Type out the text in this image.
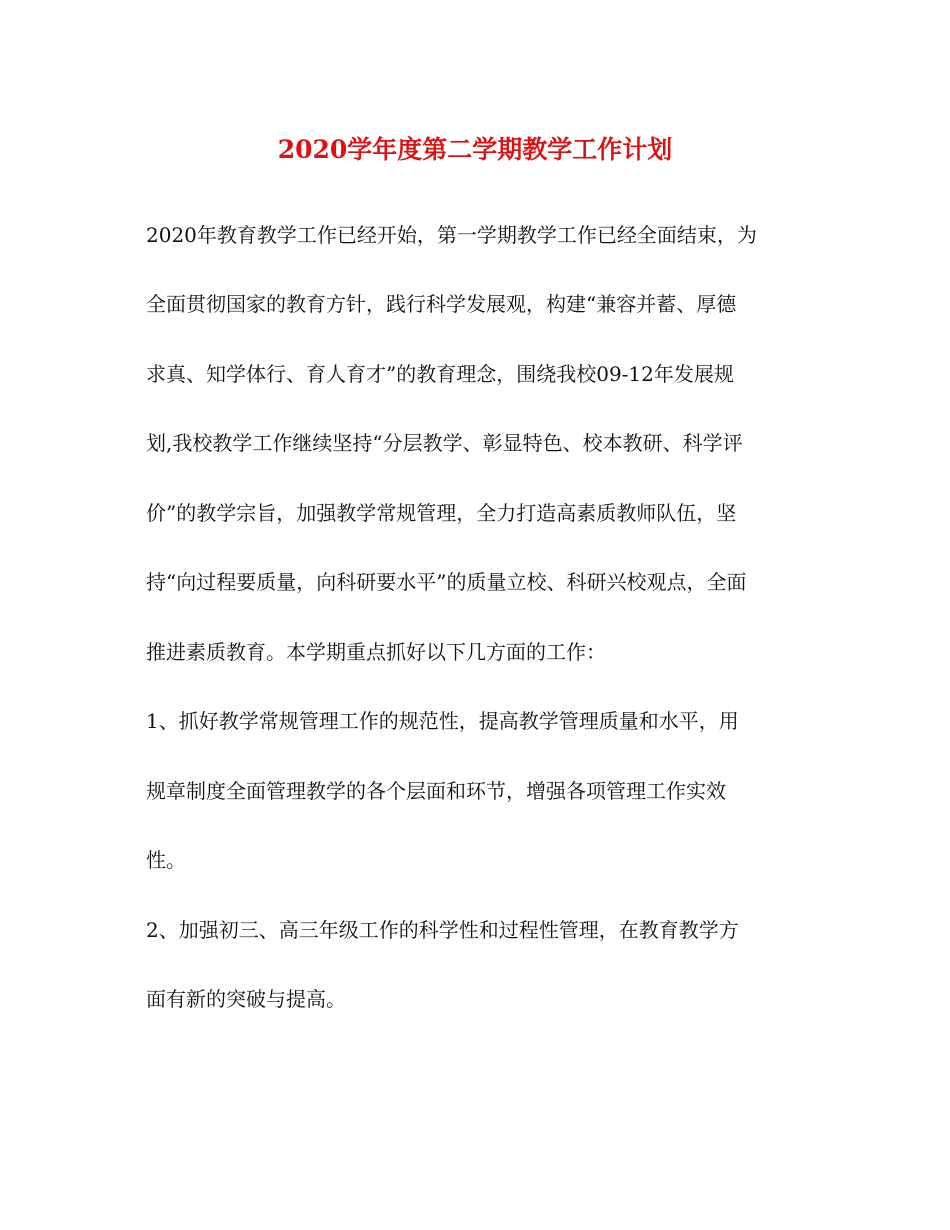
2020学年度第二学期教学工作计划

2020年教育教学工作已经开始，第一学期教学工作已经全面结束，为

全面贯彻国家的教育方针，践行科学发展观，构建“兼容并蓄、厚德

求真、知学体行、育人育才”的教育理念，围绕我校09-12年发展规

划,我校教学工作继续坚持“分层教学、彰显特色、校本教研、科学评

价”的教学宗旨，加强教学常规管理，全力打造高素质教师队伍，坚

持“向过程要质量，向科研要水平”的质量立校、科研兴校观点，全面

推进素质教育。本学期重点抓好以下几方面的工作：

1、抓好教学常规管理工作的规范性，提高教学管理质量和水平，用

规章制度全面管理教学的各个层面和环节，增强各项管理工作实效

性。

2、加强初三、高三年级工作的科学性和过程性管理，在教育教学方

面有新的突破与提高。
